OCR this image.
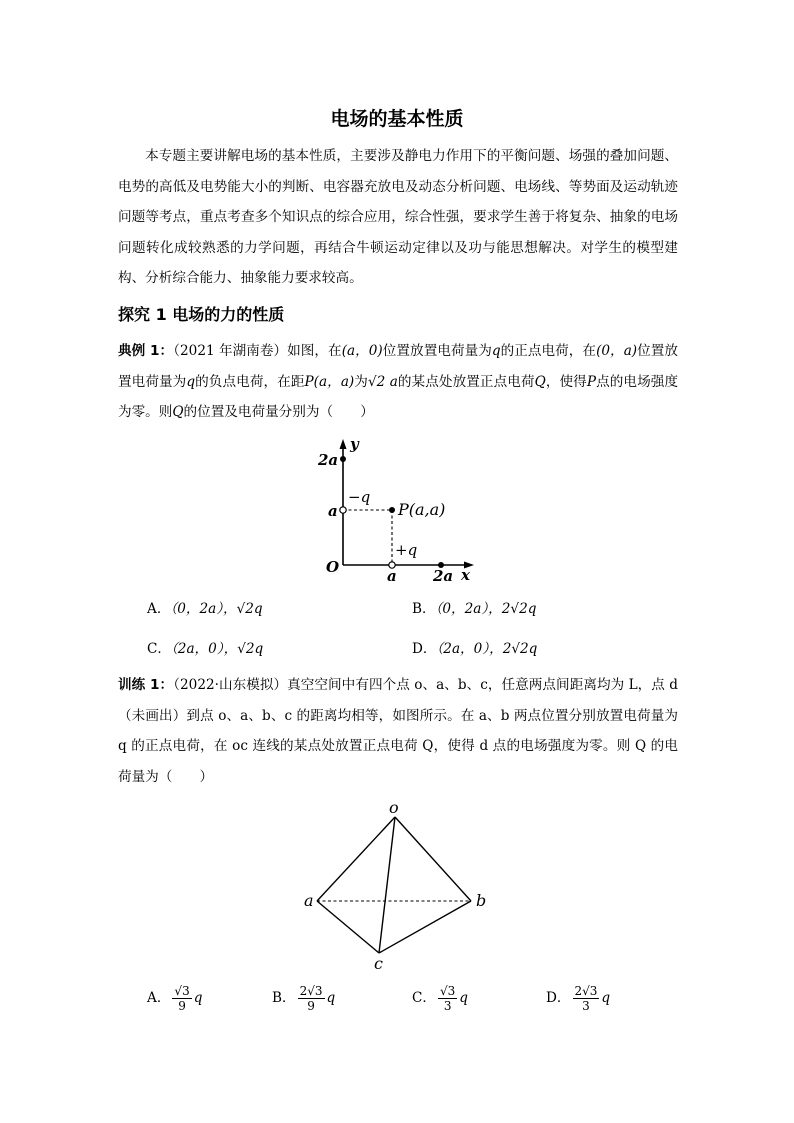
电场的基本性质
本专题主要讲解电场的基本性质，主要涉及静电力作用下的平衡问题、场强的叠加问题、电势的高低及电势能大小的判断、电容器充放电及动态分析问题、电场线、等势面及运动轨迹问题等考点，重点考查多个知识点的综合应用，综合性强，要求学生善于将复杂、抽象的电场问题转化成较熟悉的力学问题，再结合牛顿运动定律以及功与能思想解决。对学生的模型建构、分析综合能力、抽象能力要求较高。
探究 1 电场的力的性质
典例 1：（2021 年湖南卷）如图，在(a，0)位置放置电荷量为q的正点电荷，在(0，a)位置放置电荷量为q的负点电荷，在距P(a，a)为√2 a的某点处放置正点电荷Q，使得P点的电场强度为零。则Q的位置及电荷量分别为（　　）
y
2a
a
−q
P(a,a)
+q
O	a 2a x
A．（0，2a），√2q	B．（0，2a），2√2q
C．（2a，0），√2q	D．（2a，0），2√2q
训练 1：（2022·山东模拟）真空空间中有四个点 o、a、b、c，任意两点间距离均为 L，点 d（未画出）到点 o、a、b、c 的距离均相等，如图所示。在 a、b 两点位置分别放置电荷量为 q 的正点电荷，在 oc 连线的某点处放置正点电荷 Q，使得 d 点的电场强度为零。则 Q 的电荷量为（　　）
o
a	b
c
A． $\frac{√3}{9}$ q	B． $\frac{2√3}{9}$ q	C． $\frac{√3}{3}$ q	D． $\frac{2√3}{3}$ q
